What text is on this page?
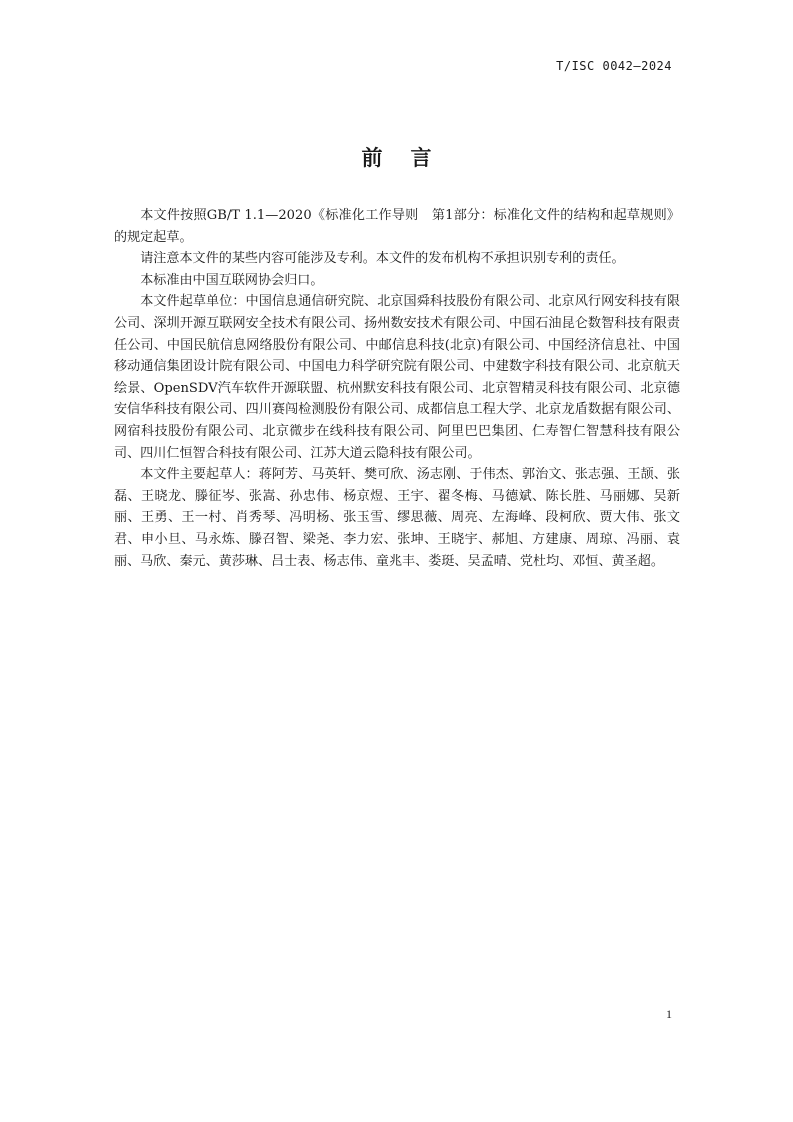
T/ISC 0042—2024
前言

本文件按照GB/T 1.1—2020《标准化工作导则　第1部分：标准化文件的结构和起草规则》的规定起草。

请注意本文件的某些内容可能涉及专利。本文件的发布机构不承担识别专利的责任。

本标准由中国互联网协会归口。

本文件起草单位：中国信息通信研究院、北京国舜科技股份有限公司、北京风行网安科技有限公司、深圳开源互联网安全技术有限公司、扬州数安技术有限公司、中国石油昆仑数智科技有限责任公司、中国民航信息网络股份有限公司、中邮信息科技(北京)有限公司、中国经济信息社、中国移动通信集团设计院有限公司、中国电力科学研究院有限公司、中建数字科技有限公司、北京航天绘景、OpenSDV汽车软件开源联盟、杭州默安科技有限公司、北京智精灵科技有限公司、北京德安信华科技有限公司、四川赛闯检测股份有限公司、成都信息工程大学、北京龙盾数据有限公司、网宿科技股份有限公司、北京微步在线科技有限公司、阿里巴巴集团、仁寿智仁智慧科技有限公司、四川仁恒智合科技有限公司、江苏大道云隐科技有限公司。

本文件主要起草人：蒋阿芳、马英轩、樊可欣、汤志刚、于伟杰、郭治文、张志强、王颉、张磊、王晓龙、滕征岑、张嵩、孙忠伟、杨京煜、王宇、翟冬梅、马德斌、陈长胜、马丽娜、吴新丽、王勇、王一村、肖秀琴、冯明杨、张玉雪、缪思薇、周亮、左海峰、段柯欣、贾大伟、张文君、申小旦、马永炼、滕召智、梁尧、李力宏、张坤、王晓宇、郝旭、方建康、周琼、冯丽、袁丽、马欣、秦元、黄莎琳、吕士表、杨志伟、童兆丰、娄珽、吴孟晴、党杜均、邓恒、黄圣超。

1
